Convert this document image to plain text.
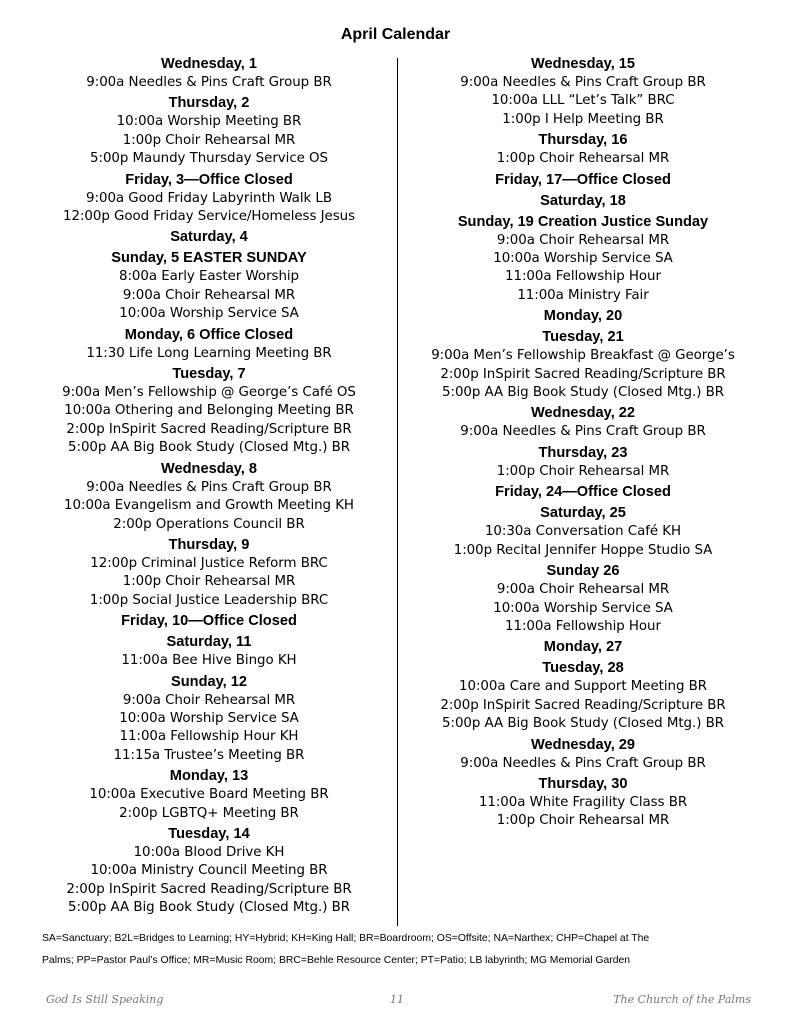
April Calendar
Wednesday, 1
9:00a Needles & Pins Craft Group BR
Thursday, 2
10:00a Worship Meeting BR
1:00p Choir Rehearsal MR
5:00p Maundy Thursday Service OS
Friday, 3—Office Closed
9:00a Good Friday Labyrinth Walk LB
12:00p Good Friday Service/Homeless Jesus
Saturday, 4
Sunday, 5 EASTER SUNDAY
8:00a Early Easter Worship
9:00a Choir Rehearsal MR
10:00a Worship Service SA
Monday, 6 Office Closed
11:30 Life Long Learning Meeting BR
Tuesday, 7
9:00a Men’s Fellowship @ George’s Café OS
10:00a Othering and Belonging Meeting BR
2:00p InSpirit Sacred Reading/Scripture BR
5:00p AA Big Book Study (Closed Mtg.) BR
Wednesday, 8
9:00a Needles & Pins Craft Group BR
10:00a Evangelism and Growth Meeting KH
2:00p Operations Council BR
Thursday, 9
12:00p Criminal Justice Reform BRC
1:00p Choir Rehearsal MR
1:00p Social Justice Leadership BRC
Friday, 10—Office Closed
Saturday, 11
11:00a Bee Hive Bingo KH
Sunday, 12
9:00a Choir Rehearsal MR
10:00a Worship Service SA
11:00a Fellowship Hour KH
11:15a Trustee’s Meeting BR
Monday, 13
10:00a Executive Board Meeting BR
2:00p LGBTQ+ Meeting BR
Tuesday, 14
10:00a Blood Drive KH
10:00a Ministry Council Meeting BR
2:00p InSpirit Sacred Reading/Scripture BR
5:00p AA Big Book Study (Closed Mtg.) BR
Wednesday, 15
9:00a Needles & Pins Craft Group BR
10:00a LLL “Let’s Talk” BRC
1:00p I Help Meeting BR
Thursday, 16
1:00p Choir Rehearsal MR
Friday, 17—Office Closed
Saturday, 18
Sunday, 19 Creation Justice Sunday
9:00a Choir Rehearsal MR
10:00a Worship Service SA
11:00a Fellowship Hour
11:00a Ministry Fair
Monday, 20
Tuesday, 21
9:00a Men’s Fellowship Breakfast @ George’s
2:00p InSpirit Sacred Reading/Scripture BR
5:00p AA Big Book Study (Closed Mtg.) BR
Wednesday, 22
9:00a Needles & Pins Craft Group BR
Thursday, 23
1:00p Choir Rehearsal MR
Friday, 24—Office Closed
Saturday, 25
10:30a Conversation Café KH
1:00p Recital Jennifer Hoppe Studio SA
Sunday 26
9:00a Choir Rehearsal MR
10:00a Worship Service SA
11:00a Fellowship Hour
Monday, 27
Tuesday, 28
10:00a Care and Support Meeting BR
2:00p InSpirit Sacred Reading/Scripture BR
5:00p AA Big Book Study (Closed Mtg.) BR
Wednesday, 29
9:00a Needles & Pins Craft Group BR
Thursday, 30
11:00a White Fragility Class BR
1:00p Choir Rehearsal MR
SA=Sanctuary; B2L=Bridges to Learning; HY=Hybrid; KH=King Hall; BR=Boardroom; OS=Offsite; NA=Narthex; CHP=Chapel at The
Palms; PP=Pastor Paul’s Office; MR=Music Room; BRC=Behle Resource Center; PT=Patio; LB labyrinth; MG Memorial Garden
God Is Still Speaking	11	The Church of the Palms
